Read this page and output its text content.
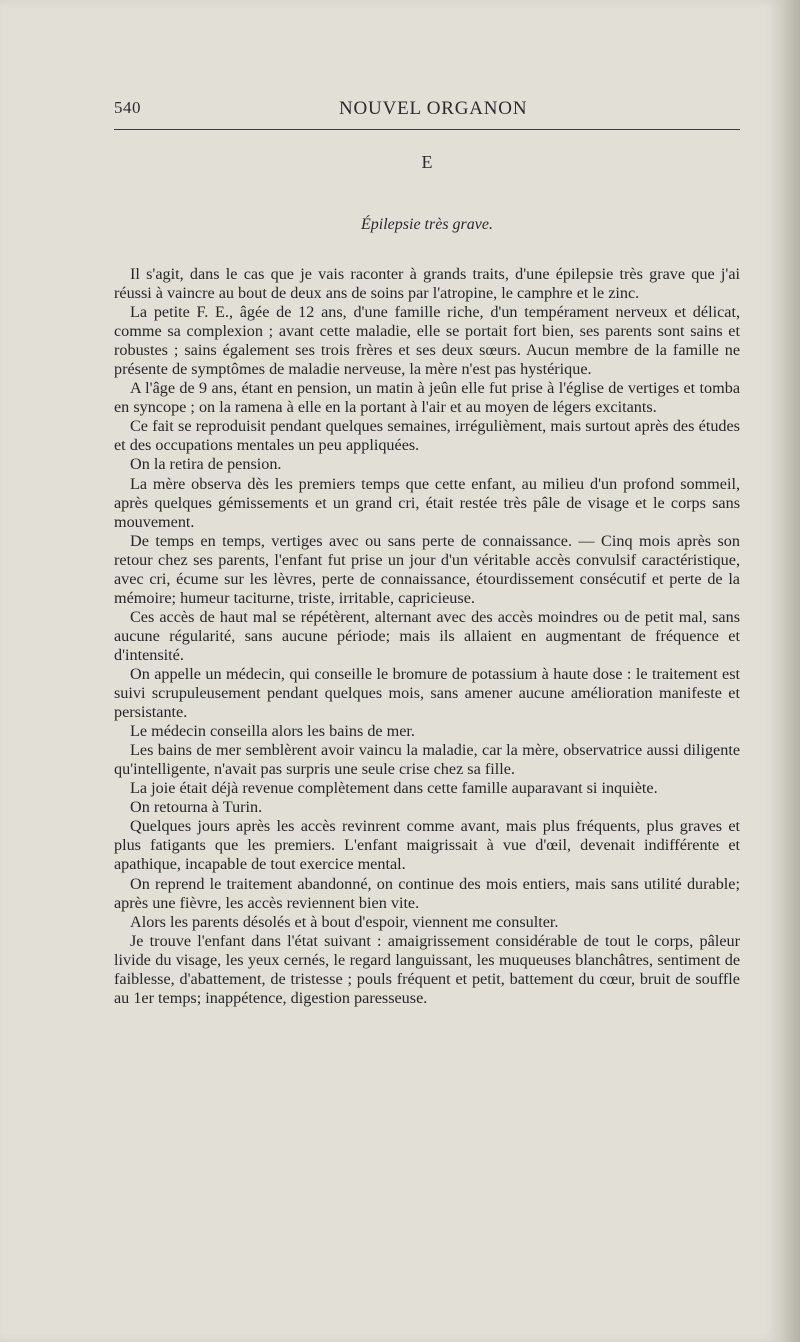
540	NOUVEL ORGANON
E
Épilepsie très grave.

Il s'agit, dans le cas que je vais raconter à grands traits, d'une épilepsie très grave que j'ai réussi à vaincre au bout de deux ans de soins par l'atropine, le camphre et le zinc.

La petite F. E., âgée de 12 ans, d'une famille riche, d'un tempérament nerveux et délicat, comme sa complexion ; avant cette maladie, elle se portait fort bien, ses parents sont sains et robustes ; sains également ses trois frères et ses deux sœurs. Aucun membre de la famille ne présente de symptômes de maladie nerveuse, la mère n'est pas hystérique.

A l'âge de 9 ans, étant en pension, un matin à jeûn elle fut prise à l'église de vertiges et tomba en syncope ; on la ramena à elle en la portant à l'air et au moyen de légers excitants.

Ce fait se reproduisit pendant quelques semaines, irrégulièment, mais surtout après des études et des occupations mentales un peu appliquées.

On la retira de pension.

La mère observa dès les premiers temps que cette enfant, au milieu d'un profond sommeil, après quelques gémissements et un grand cri, était restée très pâle de visage et le corps sans mouvement.

De temps en temps, vertiges avec ou sans perte de connaissance. — Cinq mois après son retour chez ses parents, l'enfant fut prise un jour d'un véritable accès convulsif caractéristique, avec cri, écume sur les lèvres, perte de connaissance, étourdissement consécutif et perte de la mémoire; humeur taciturne, triste, irritable, capricieuse.

Ces accès de haut mal se répétèrent, alternant avec des accès moindres ou de petit mal, sans aucune régularité, sans aucune période; mais ils allaient en augmentant de fréquence et d'intensité.

On appelle un médecin, qui conseille le bromure de potassium à haute dose : le traitement est suivi scrupuleusement pendant quelques mois, sans amener aucune amélioration manifeste et persistante.

Le médecin conseilla alors les bains de mer.

Les bains de mer semblèrent avoir vaincu la maladie, car la mère, observatrice aussi diligente qu'intelligente, n'avait pas surpris une seule crise chez sa fille.

La joie était déjà revenue complètement dans cette famille auparavant si inquiète.

On retourna à Turin.

Quelques jours après les accès revinrent comme avant, mais plus fréquents, plus graves et plus fatigants que les premiers. L'enfant maigrissait à vue d'œil, devenait indifférente et apathique, incapable de tout exercice mental.

On reprend le traitement abandonné, on continue des mois entiers, mais sans utilité durable; après une fièvre, les accès reviennent bien vite.

Alors les parents désolés et à bout d'espoir, viennent me consulter.

Je trouve l'enfant dans l'état suivant : amaigrissement considérable de tout le corps, pâleur livide du visage, les yeux cernés, le regard languissant, les muqueuses blanchâtres, sentiment de faiblesse, d'abattement, de tristesse ; pouls fréquent et petit, battement du cœur, bruit de souffle au 1er temps; inappétence, digestion paresseuse.
